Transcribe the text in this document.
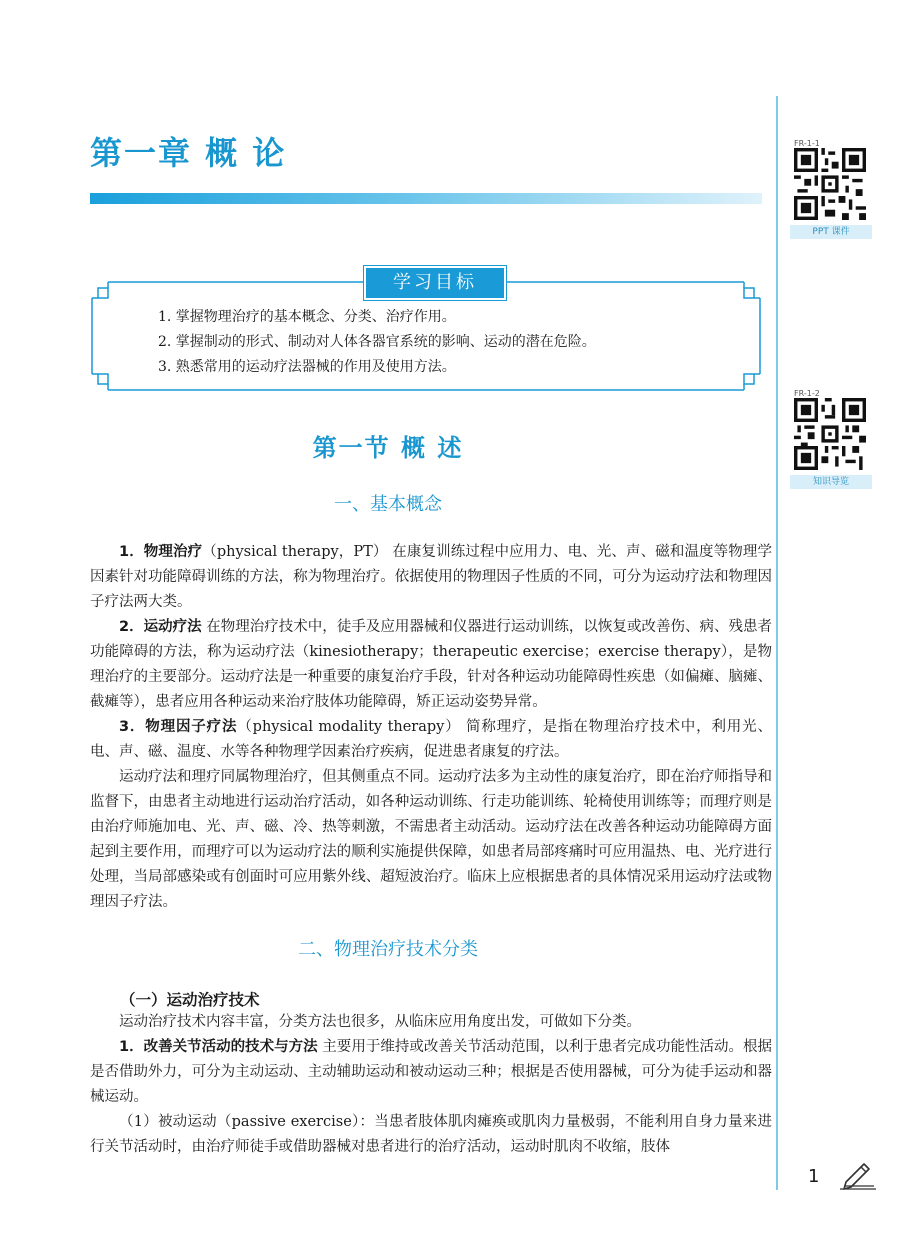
第一章 概 论	FR-1-1
PPT 课件
FR-1-2
知识导览
学习目标
1. 掌握物理治疗的基本概念、分类、治疗作用。
2. 掌握制动的形式、制动对人体各器官系统的影响、运动的潜在危险。
3. 熟悉常用的运动疗法器械的作用及使用方法。
第一节 概 述
一、基本概念

1．物理治疗（physical therapy，PT） 在康复训练过程中应用力、电、光、声、磁和温度等物理学因素针对功能障碍训练的方法，称为物理治疗。依据使用的物理因子性质的不同，可分为运动疗法和物理因子疗法两大类。

2．运动疗法 在物理治疗技术中，徒手及应用器械和仪器进行运动训练，以恢复或改善伤、病、残患者功能障碍的方法，称为运动疗法（kinesiotherapy；therapeutic exercise；exercise therapy），是物理治疗的主要部分。运动疗法是一种重要的康复治疗手段，针对各种运动功能障碍性疾患（如偏瘫、脑瘫、截瘫等），患者应用各种运动来治疗肢体功能障碍，矫正运动姿势异常。

3．物理因子疗法（physical modality therapy） 简称理疗，是指在物理治疗技术中，利用光、电、声、磁、温度、水等各种物理学因素治疗疾病，促进患者康复的疗法。

运动疗法和理疗同属物理治疗，但其侧重点不同。运动疗法多为主动性的康复治疗，即在治疗师指导和监督下，由患者主动地进行运动治疗活动，如各种运动训练、行走功能训练、轮椅使用训练等；而理疗则是由治疗师施加电、光、声、磁、冷、热等刺激，不需患者主动活动。运动疗法在改善各种运动功能障碍方面起到主要作用，而理疗可以为运动疗法的顺利实施提供保障，如患者局部疼痛时可应用温热、电、光疗进行处理，当局部感染或有创面时可应用紫外线、超短波治疗。临床上应根据患者的具体情况采用运动疗法或物理因子疗法。

二、物理治疗技术分类
（一）运动治疗技术

运动治疗技术内容丰富，分类方法也很多，从临床应用角度出发，可做如下分类。

1．改善关节活动的技术与方法 主要用于维持或改善关节活动范围，以利于患者完成功能性活动。根据是否借助外力，可分为主动运动、主动辅助运动和被动运动三种；根据是否使用器械，可分为徒手运动和器械运动。

（1）被动运动（passive exercise）：当患者肢体肌肉瘫痪或肌肉力量极弱，不能利用自身力量来进行关节活动时，由治疗师徒手或借助器械对患者进行的治疗活动，运动时肌肉不收缩，肢体

1
